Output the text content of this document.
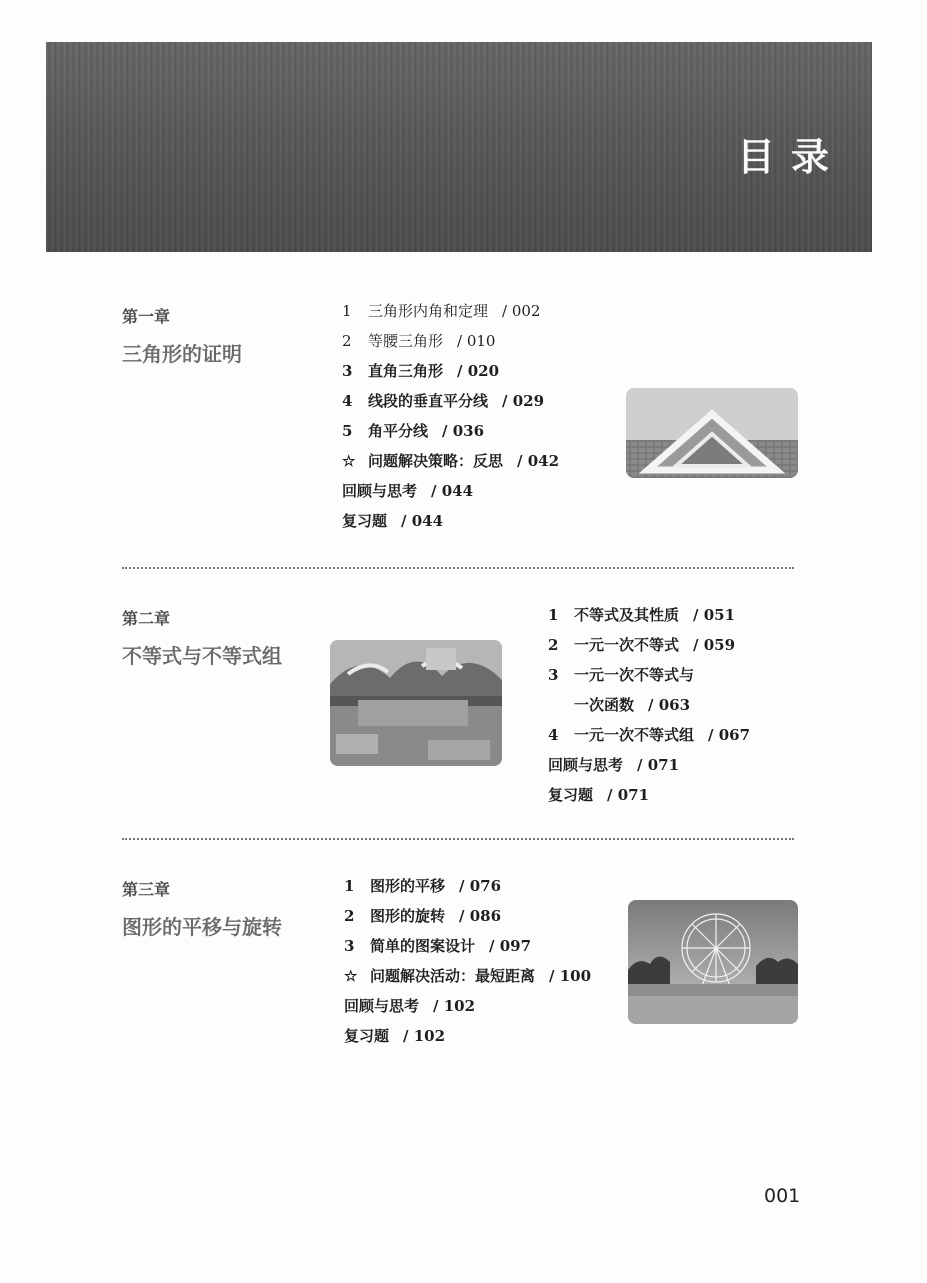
目录
第一章
三角形的证明
1 三角形内角和定理 / 002
2 等腰三角形 / 010
3 直角三角形 / 020
4 线段的垂直平分线 / 029
5 角平分线 / 036
☆ 问题解决策略：反思 / 042
回顾与思考 / 044
复习题 / 044
第二章
不等式与不等式组
1 不等式及其性质 / 051
2 一元一次不等式 / 059
3 一元一次不等式与
一次函数 / 063
4 一元一次不等式组 / 067
回顾与思考 / 071
复习题 / 071
第三章
图形的平移与旋转
1 图形的平移 / 076
2 图形的旋转 / 086
3 简单的图案设计 / 097
☆ 问题解决活动：最短距离 / 100
回顾与思考 / 102
复习题 / 102

001
